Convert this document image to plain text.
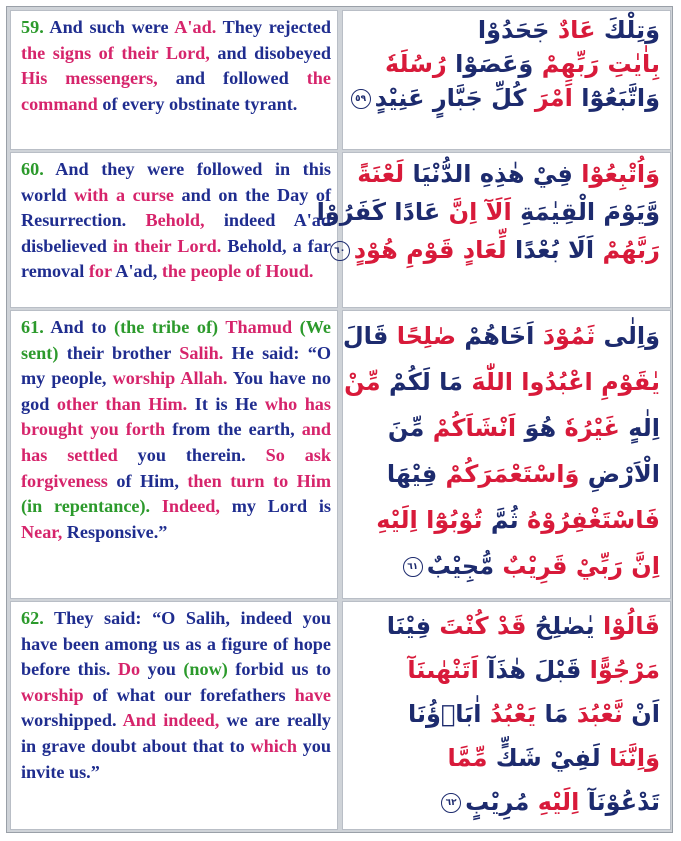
59. And such were A'ad. They rejected the signs of their Lord, and disobeyed His messengers, and followed the command of every obstinate tyrant.

وَتِلْكَ عَادٌ جَحَدُوْا
بِاٰيٰتِ رَبِّهِمْ وَعَصَوْا رُسُلَهٗ
وَاتَّبَعُوْٓا اَمْرَ كُلِّ جَبَّارٍ عَنِيْدٍ٥٩

60. And they were followed in this world with a curse and on the Day of Resurrection. Behold, indeed A'ad disbelieved in their Lord. Behold, a far removal for A'ad, the people of Houd.

وَاُتْبِعُوْا فِيْ هٰذِهِ الدُّنْيَا لَعْنَةً
وَّيَوْمَ الْقِيٰمَةِ اَلَآ اِنَّ عَادًا كَفَرُوْا
رَبَّهُمْ اَلَا بُعْدًا لِّعَادٍ قَوْمِ هُوْدٍ٦٠

61. And to (the tribe of) Thamud (We sent) their brother Salih. He said: “O my people, worship Allah. You have no god other than Him. It is He who has brought you forth from the earth, and has settled you therein. So ask forgiveness of Him, then turn to Him (in repentance). Indeed, my Lord is Near, Responsive.”

وَاِلٰى ثَمُوْدَ اَخَاهُمْ صٰلِحًا قَالَ
يٰقَوْمِ اعْبُدُوا اللّٰهَ مَا لَكُمْ مِّنْ
اِلٰهٍ غَيْرُهٗ هُوَ اَنْشَاَكُمْ مِّنَ
الْاَرْضِ وَاسْتَعْمَرَكُمْ فِيْهَا
فَاسْتَغْفِرُوْهُ ثُمَّ تُوْبُوْٓا اِلَيْهِ
اِنَّ رَبِّيْ قَرِيْبٌ مُّجِيْبٌ٦١

62. They said: “O Salih, indeed you have been among us as a figure of hope before this. Do you (now) forbid us to worship of what our forefathers have worshipped. And indeed, we are really in grave doubt about that to which you invite us.”

قَالُوْا يٰصٰلِحُ قَدْ كُنْتَ فِيْنَا
مَرْجُوًّا قَبْلَ هٰذَآ اَتَنْهٰىنَآ
اَنْ نَّعْبُدَ مَا يَعْبُدُ اٰبَاۤؤُنَا
وَاِنَّنَا لَفِيْ شَكٍّ مِّمَّا
تَدْعُوْنَآ اِلَيْهِ مُرِيْبٍ٦٢
